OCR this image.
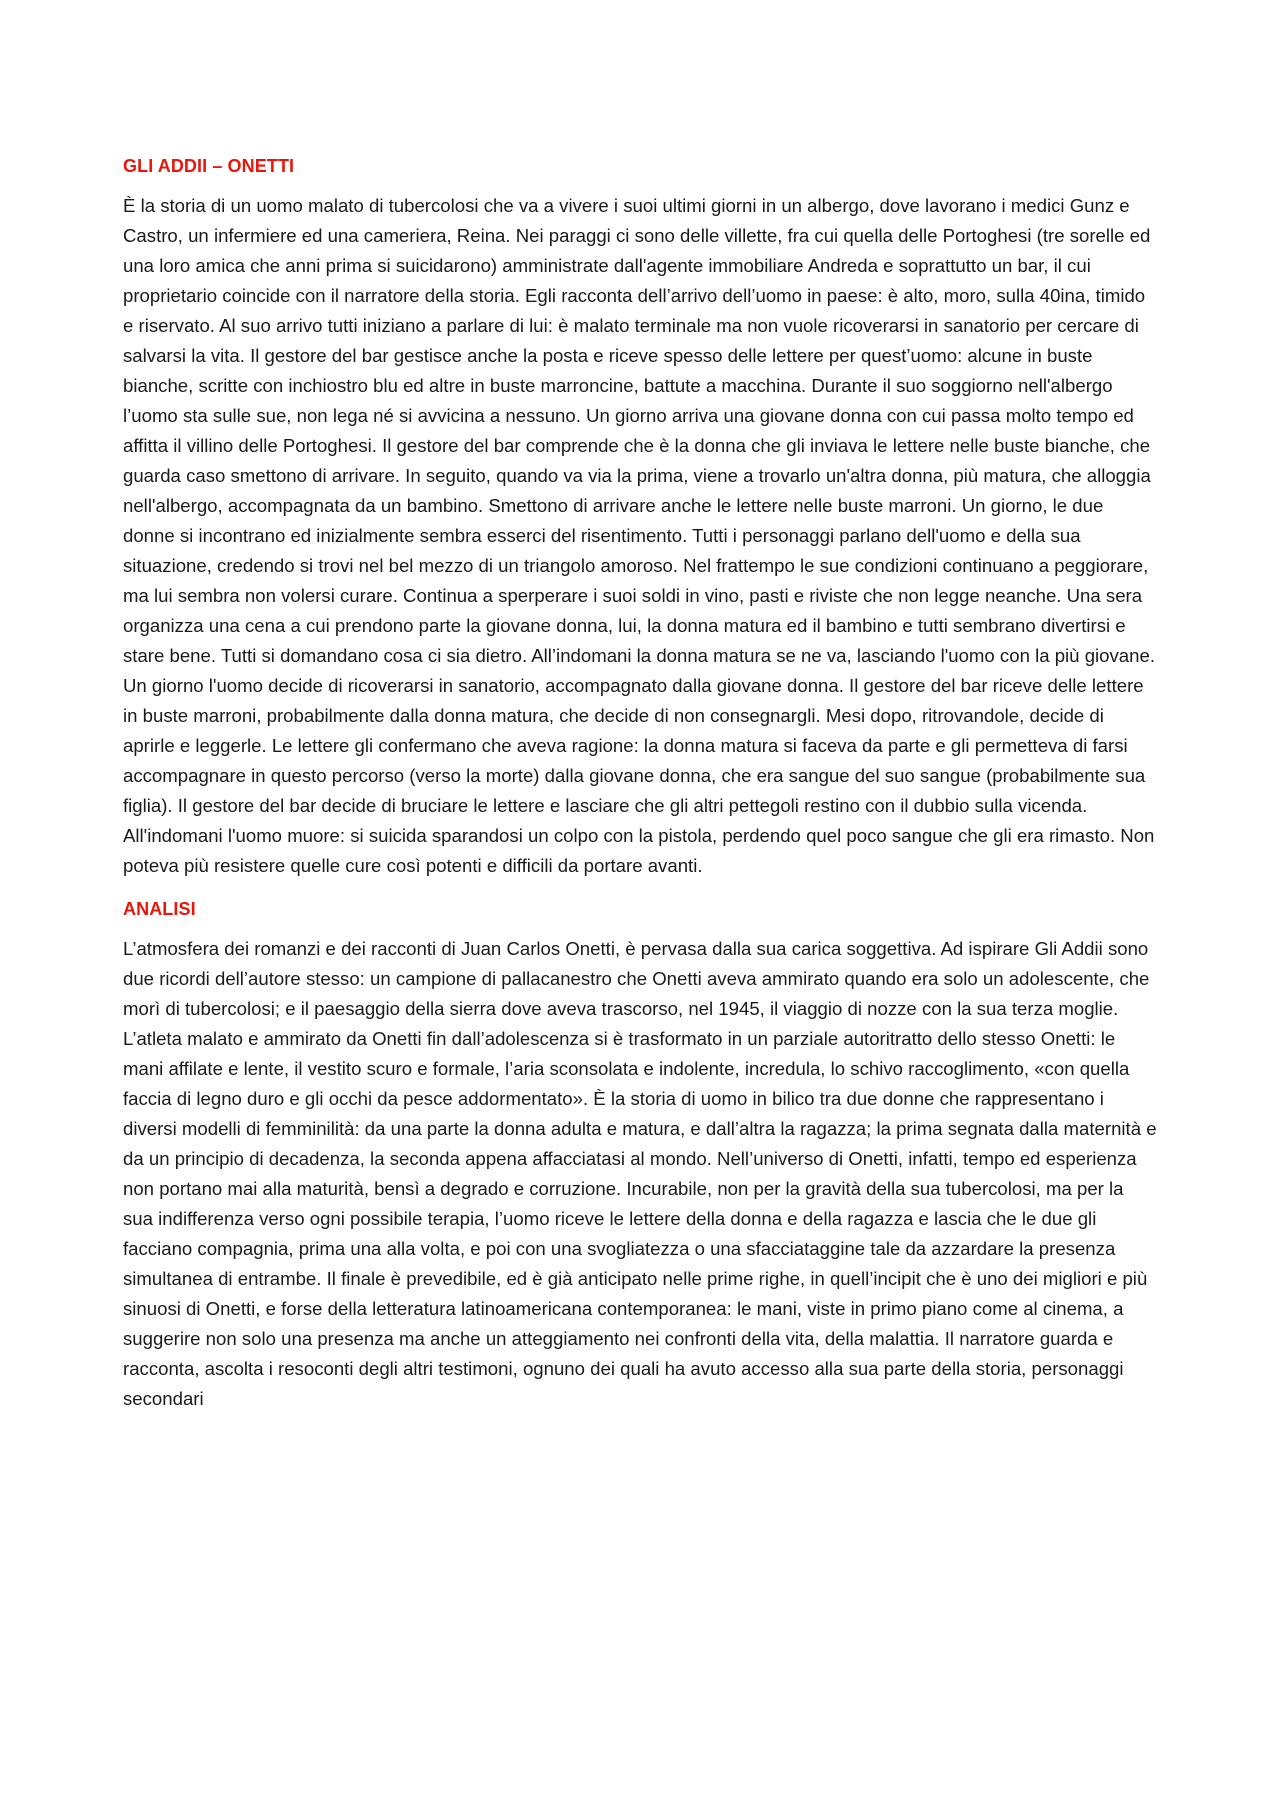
GLI ADDII – ONETTI

È la storia di un uomo malato di tubercolosi che va a vivere i suoi ultimi giorni in un albergo, dove lavorano i medici Gunz e Castro, un infermiere ed una cameriera, Reina. Nei paraggi ci sono delle villette, fra cui quella delle Portoghesi (tre sorelle ed una loro amica che anni prima si suicidarono) amministrate dall'agente immobiliare Andreda e soprattutto un bar, il cui proprietario coincide con il narratore della storia. Egli racconta dell’arrivo dell’uomo in paese: è alto, moro, sulla 40ina, timido e riservato. Al suo arrivo tutti iniziano a parlare di lui: è malato terminale ma non vuole ricoverarsi in sanatorio per cercare di salvarsi la vita. Il gestore del bar gestisce anche la posta e riceve spesso delle lettere per quest’uomo: alcune in buste bianche, scritte con inchiostro blu ed altre in buste marroncine, battute a macchina. Durante il suo soggiorno nell'albergo l’uomo sta sulle sue, non lega né si avvicina a nessuno. Un giorno arriva una giovane donna con cui passa molto tempo ed affitta il villino delle Portoghesi. Il gestore del bar comprende che è la donna che gli inviava le lettere nelle buste bianche, che guarda caso smettono di arrivare. In seguito, quando va via la prima, viene a trovarlo un'altra donna, più matura, che alloggia nell'albergo, accompagnata da un bambino. Smettono di arrivare anche le lettere nelle buste marroni. Un giorno, le due donne si incontrano ed inizialmente sembra esserci del risentimento. Tutti i personaggi parlano dell'uomo e della sua situazione, credendo si trovi nel bel mezzo di un triangolo amoroso. Nel frattempo le sue condizioni continuano a peggiorare, ma lui sembra non volersi curare. Continua a sperperare i suoi soldi in vino, pasti e riviste che non legge neanche. Una sera organizza una cena a cui prendono parte la giovane donna, lui, la donna matura ed il bambino e tutti sembrano divertirsi e stare bene. Tutti si domandano cosa ci sia dietro. All’indomani la donna matura se ne va, lasciando l'uomo con la più giovane. Un giorno l'uomo decide di ricoverarsi in sanatorio, accompagnato dalla giovane donna. Il gestore del bar riceve delle lettere in buste marroni, probabilmente dalla donna matura, che decide di non consegnargli. Mesi dopo, ritrovandole, decide di aprirle e leggerle. Le lettere gli confermano che aveva ragione: la donna matura si faceva da parte e gli permetteva di farsi accompagnare in questo percorso (verso la morte) dalla giovane donna, che era sangue del suo sangue (probabilmente sua figlia). Il gestore del bar decide di bruciare le lettere e lasciare che gli altri pettegoli restino con il dubbio sulla vicenda. All'indomani l'uomo muore: si suicida sparandosi un colpo con la pistola, perdendo quel poco sangue che gli era rimasto. Non poteva più resistere quelle cure così potenti e difficili da portare avanti.

ANALISI

L’atmosfera dei romanzi e dei racconti di Juan Carlos Onetti, è pervasa dalla sua carica soggettiva. Ad ispirare Gli Addii sono due ricordi dell’autore stesso: un campione di pallacanestro che Onetti aveva ammirato quando era solo un adolescente, che morì di tubercolosi; e il paesaggio della sierra dove aveva trascorso, nel 1945, il viaggio di nozze con la sua terza moglie. L’atleta malato e ammirato da Onetti fin dall’adolescenza si è trasformato in un parziale autoritratto dello stesso Onetti: le mani affilate e lente, il vestito scuro e formale, l’aria sconsolata e indolente, incredula, lo schivo raccoglimento, «con quella faccia di legno duro e gli occhi da pesce addormentato». È la storia di uomo in bilico tra due donne che rappresentano i diversi modelli di femminilità: da una parte la donna adulta e matura, e dall’altra la ragazza; la prima segnata dalla maternità e da un principio di decadenza, la seconda appena affacciatasi al mondo. Nell’universo di Onetti, infatti, tempo ed esperienza non portano mai alla maturità, bensì a degrado e corruzione. Incurabile, non per la gravità della sua tubercolosi, ma per la sua indifferenza verso ogni possibile terapia, l’uomo riceve le lettere della donna e della ragazza e lascia che le due gli facciano compagnia, prima una alla volta, e poi con una svogliatezza o una sfacciataggine tale da azzardare la presenza simultanea di entrambe. Il finale è prevedibile, ed è già anticipato nelle prime righe, in quell’incipit che è uno dei migliori e più sinuosi di Onetti, e forse della letteratura latinoamericana contemporanea: le mani, viste in primo piano come al cinema, a suggerire non solo una presenza ma anche un atteggiamento nei confronti della vita, della malattia. Il narratore guarda e racconta, ascolta i resoconti degli altri testimoni, ognuno dei quali ha avuto accesso alla sua parte della storia, personaggi secondari
